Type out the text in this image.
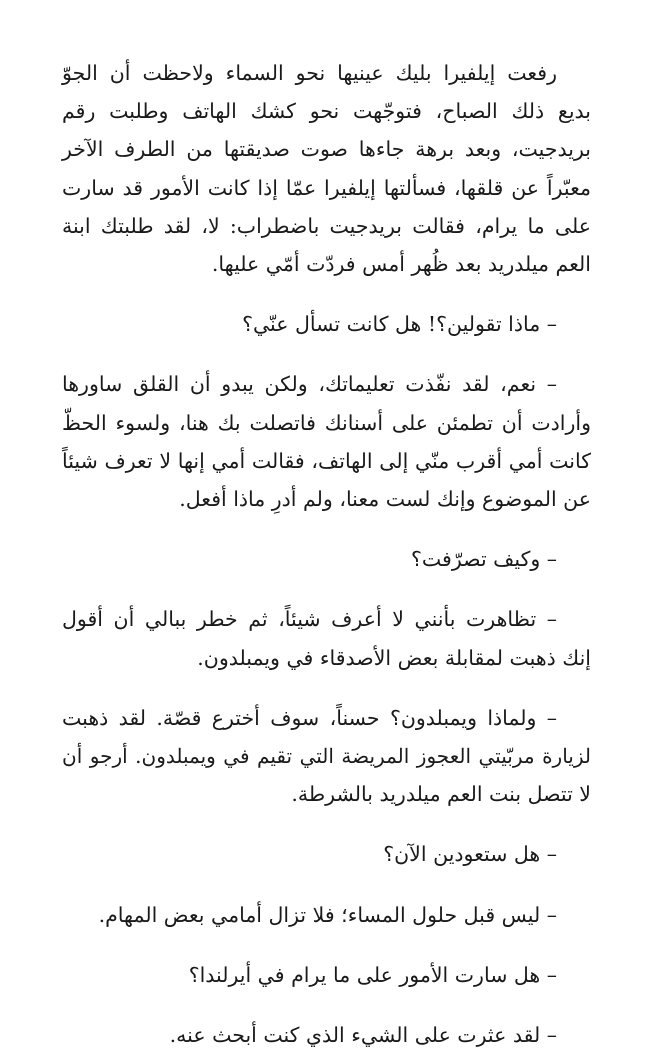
رفعت إيلفيرا بليك عينيها نحو السماء ولاحظت أن الجوّ
بديع ذلك الصباح، فتوجّهت نحو كشك الهاتف وطلبت رقم
بريدجيت، وبعد برهة جاءها صوت صديقتها من الطرف الآخر
معبّراً عن قلقها، فسألتها إيلفيرا عمّا إذا كانت الأمور قد سارت
على ما يرام، فقالت بريدجيت باضطراب: لا، لقد طلبتك ابنة
العم ميلدريد بعد ظُهر أمس فردّت أمّي عليها.

– ماذا تقولين؟! هل كانت تسأل عنّي؟

– نعم، لقد نفّذت تعليماتك، ولكن يبدو أن القلق ساورها
وأرادت أن تطمئن على أسنانك فاتصلت بك هنا، ولسوء الحظّ
كانت أمي أقرب منّي إلى الهاتف، فقالت أمي إنها لا تعرف شيئاً
عن الموضوع وإنك لست معنا، ولم أدرِ ماذا أفعل.

– وكيف تصرّفت؟

– تظاهرت بأنني لا أعرف شيئاً، ثم خطر ببالي أن أقول
إنك ذهبت لمقابلة بعض الأصدقاء في ويمبلدون.

– ولماذا ويمبلدون؟ حسناً، سوف أخترع قصّة. لقد ذهبت
لزيارة مربّيتي العجوز المريضة التي تقيم في ويمبلدون. أرجو أن
لا تتصل بنت العم ميلدريد بالشرطة.

– هل ستعودين الآن؟

– ليس قبل حلول المساء؛ فلا تزال أمامي بعض المهام.

– هل سارت الأمور على ما يرام في أيرلندا؟

– لقد عثرت على الشيء الذي كنت أبحث عنه.
